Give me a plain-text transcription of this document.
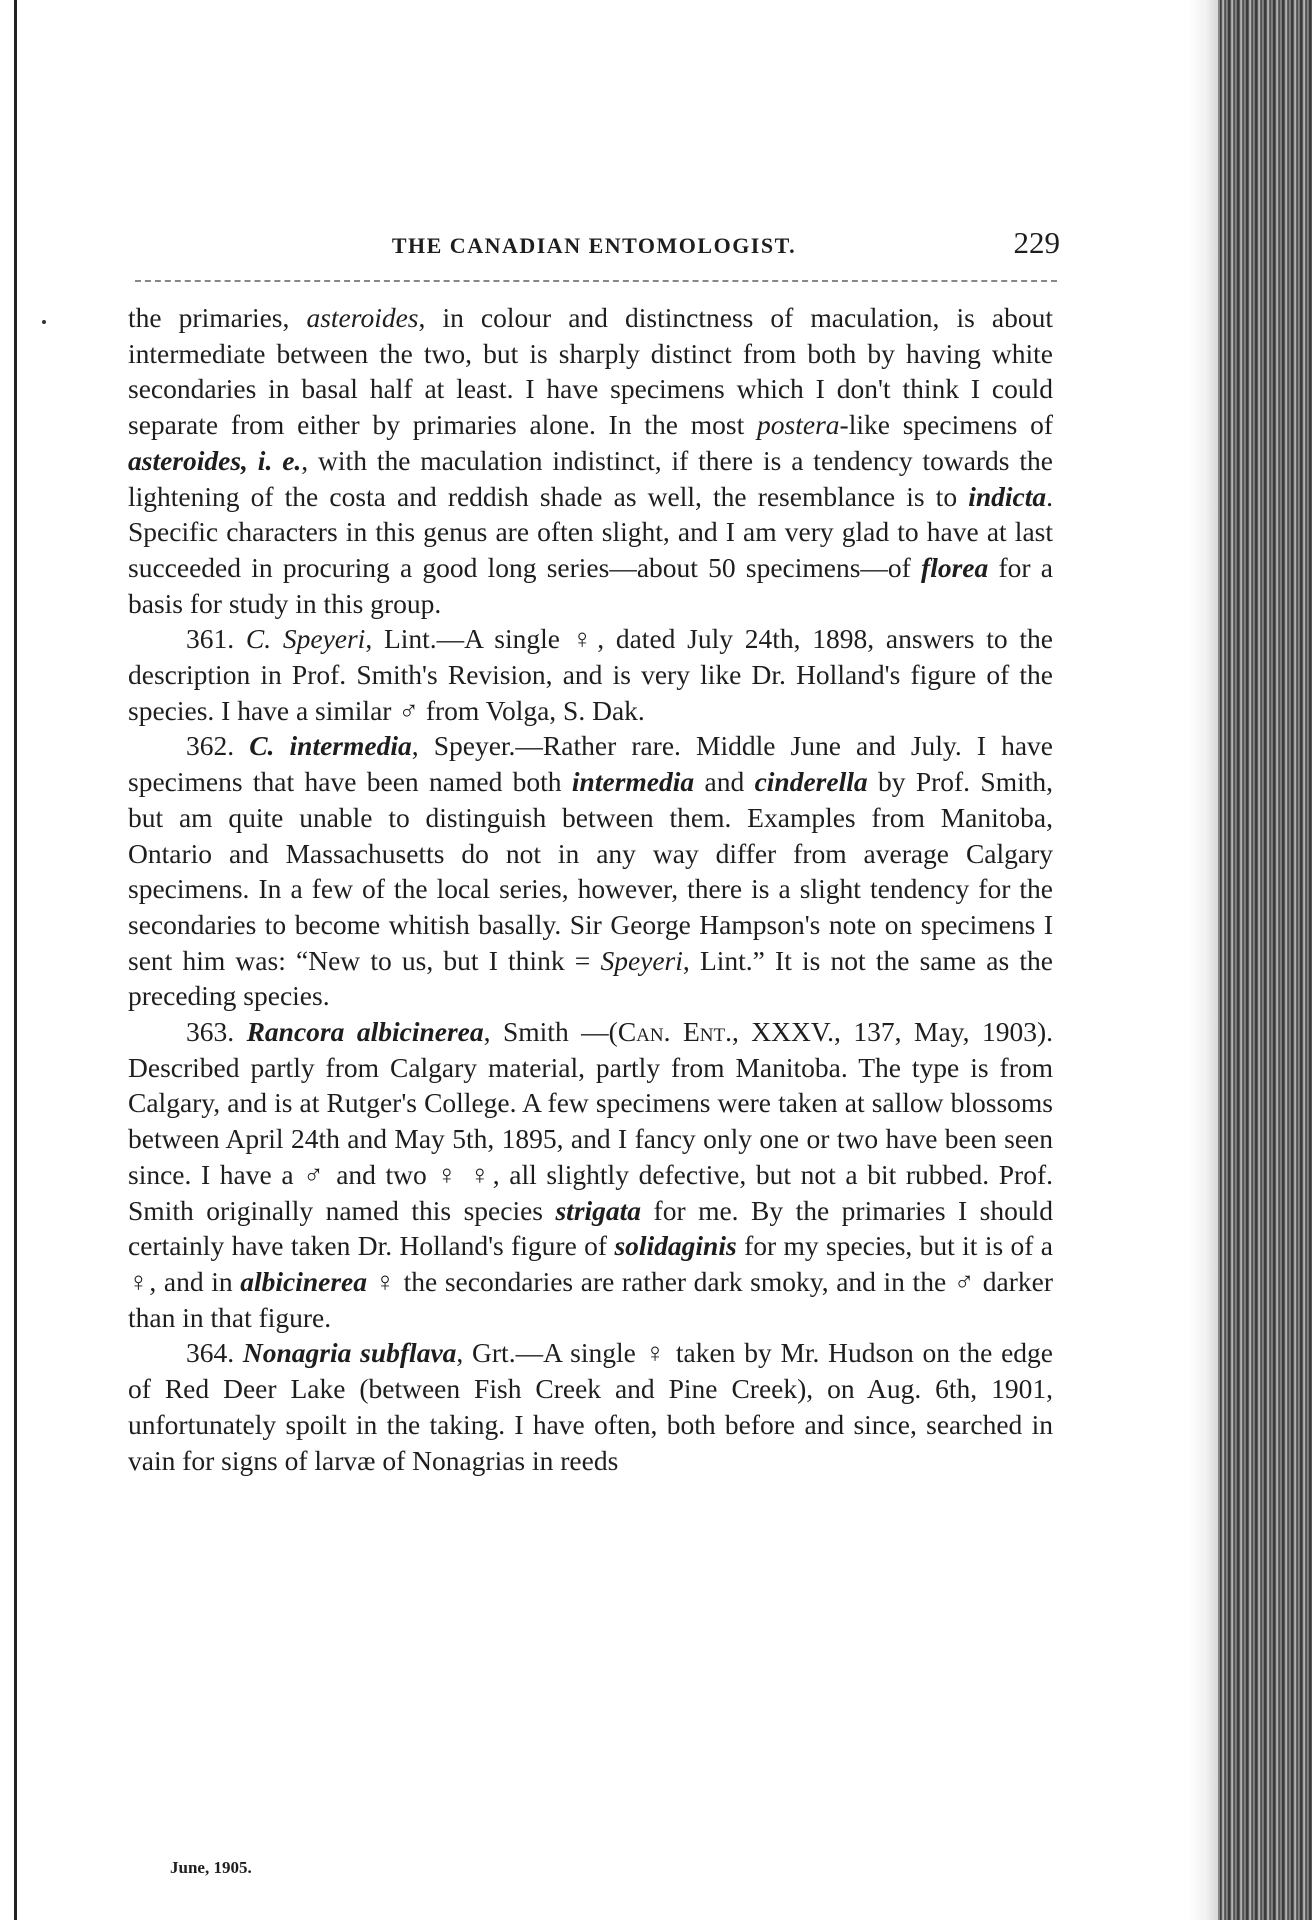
THE CANADIAN ENTOMOLOGIST.	229

the primaries, asteroides, in colour and distinctness of maculation, is about intermediate between the two, but is sharply distinct from both by having white secondaries in basal half at least. I have specimens which I don't think I could separate from either by primaries alone. In the most postera-like specimens of asteroides, i. e., with the maculation indistinct, if there is a tendency towards the lightening of the costa and reddish shade as well, the resemblance is to indicta. Specific characters in this genus are often slight, and I am very glad to have at last succeeded in procuring a good long series—about 50 specimens—of florea for a basis for study in this group.

361. C. Speyeri, Lint.—A single ♀, dated July 24th, 1898, answers to the description in Prof. Smith's Revision, and is very like Dr. Holland's figure of the species. I have a similar ♂ from Volga, S. Dak.

362. C. intermedia, Speyer.—Rather rare. Middle June and July. I have specimens that have been named both intermedia and cinderella by Prof. Smith, but am quite unable to distinguish between them. Examples from Manitoba, Ontario and Massachusetts do not in any way differ from average Calgary specimens. In a few of the local series, however, there is a slight tendency for the secondaries to become whitish basally. Sir George Hampson's note on specimens I sent him was: “New to us, but I think = Speyeri, Lint.” It is not the same as the preceding species.

363. Rancora albicinerea, Smith —(Can. Ent., XXXV., 137, May, 1903). Described partly from Calgary material, partly from Manitoba. The type is from Calgary, and is at Rutger's College. A few specimens were taken at sallow blossoms between April 24th and May 5th, 1895, and I fancy only one or two have been seen since. I have a ♂ and two ♀ ♀, all slightly defective, but not a bit rubbed. Prof. Smith originally named this species strigata for me. By the primaries I should certainly have taken Dr. Holland's figure of solidaginis for my species, but it is of a ♀, and in albicinerea ♀ the secondaries are rather dark smoky, and in the ♂ darker than in that figure.

364. Nonagria subflava, Grt.—A single ♀ taken by Mr. Hudson on the edge of Red Deer Lake (between Fish Creek and Pine Creek), on Aug. 6th, 1901, unfortunately spoilt in the taking. I have often, both before and since, searched in vain for signs of larvæ of Nonagrias in reeds

June, 1905.
